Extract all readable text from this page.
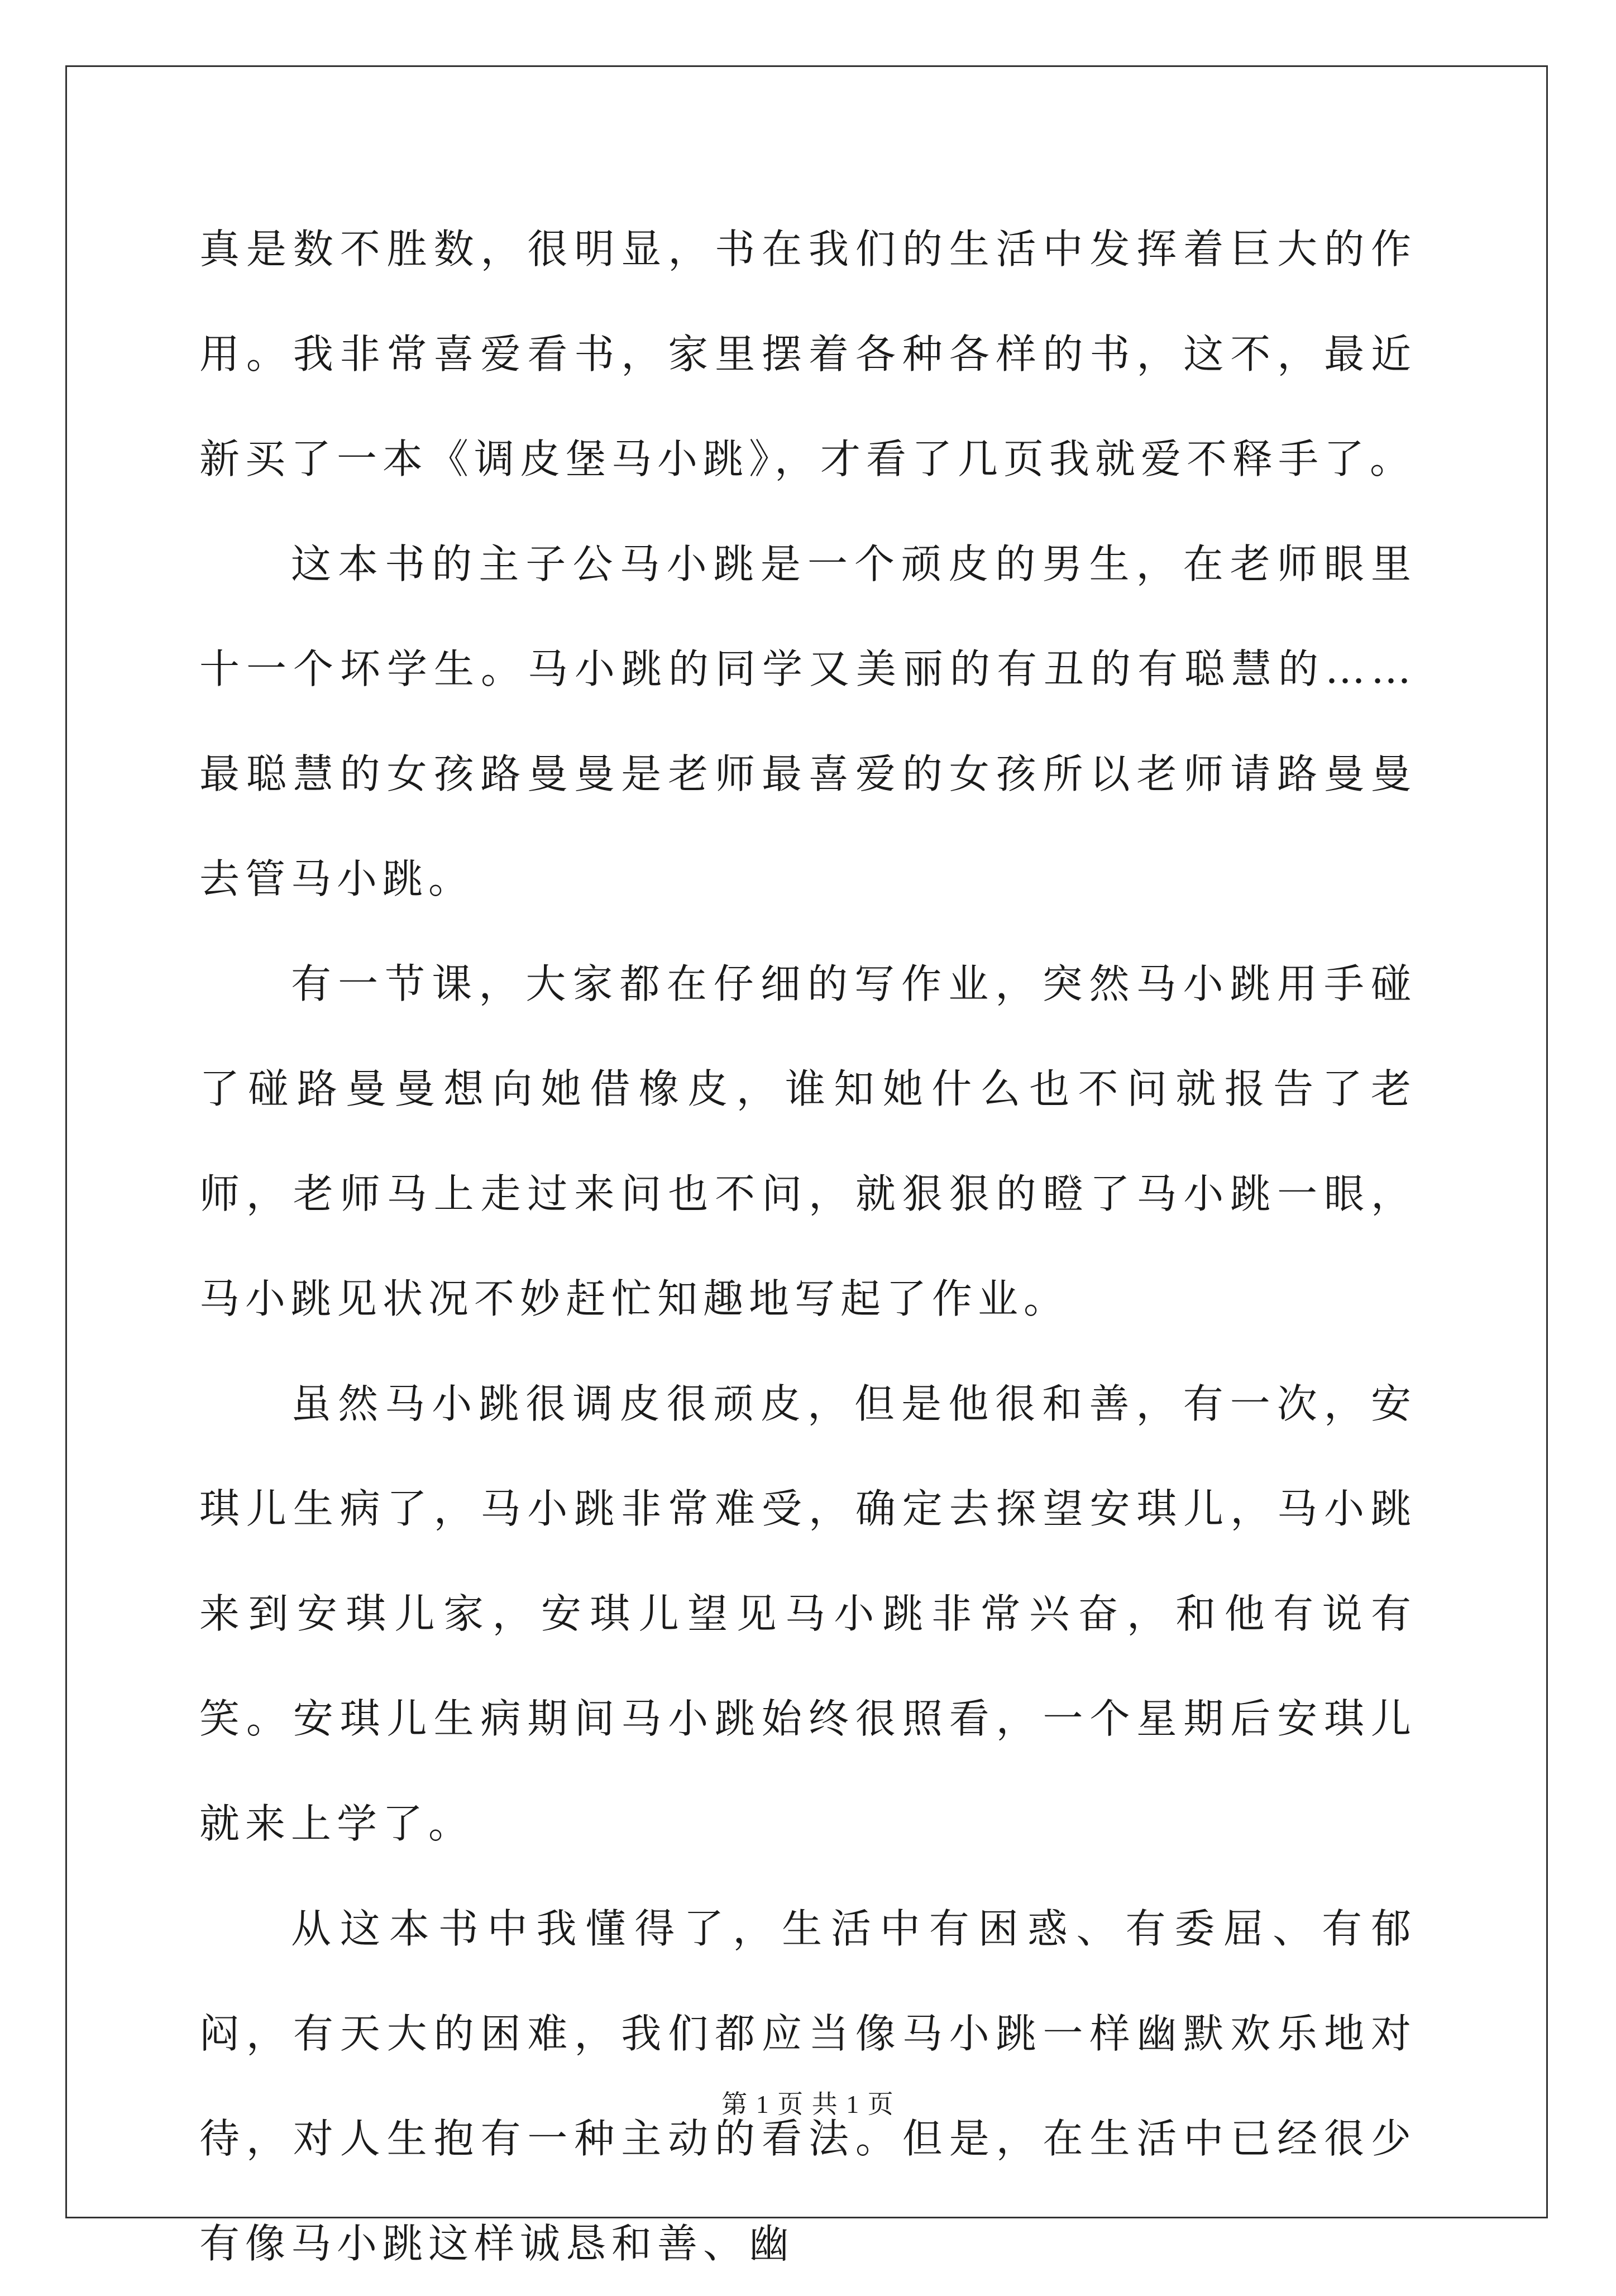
真是数不胜数，很明显，书在我们的生活中发挥着巨大的作用。我非常喜爱看书，家里摆着各种各样的书，这不，最近新买了一本《调皮堡马小跳》，才看了几页我就爱不释手了。

这本书的主子公马小跳是一个顽皮的男生，在老师眼里十一个坏学生。马小跳的同学又美丽的有丑的有聪慧的……最聪慧的女孩路曼曼是老师最喜爱的女孩所以老师请路曼曼去管马小跳。

有一节课，大家都在仔细的写作业，突然马小跳用手碰了碰路曼曼想向她借橡皮，谁知她什么也不问就报告了老师，老师马上走过来问也不问，就狠狠的瞪了马小跳一眼，马小跳见状况不妙赶忙知趣地写起了作业。

虽然马小跳很调皮很顽皮，但是他很和善，有一次，安琪儿生病了，马小跳非常难受，确定去探望安琪儿，马小跳来到安琪儿家，安琪儿望见马小跳非常兴奋，和他有说有笑。安琪儿生病期间马小跳始终很照看，一个星期后安琪儿就来上学了。

从这本书中我懂得了，生活中有困惑、有委屈、有郁闷，有天大的困难，我们都应当像马小跳一样幽默欢乐地对待，对人生抱有一种主动的看法。但是，在生活中已经很少有像马小跳这样诚恳和善、幽

第 1 页 共 1 页
